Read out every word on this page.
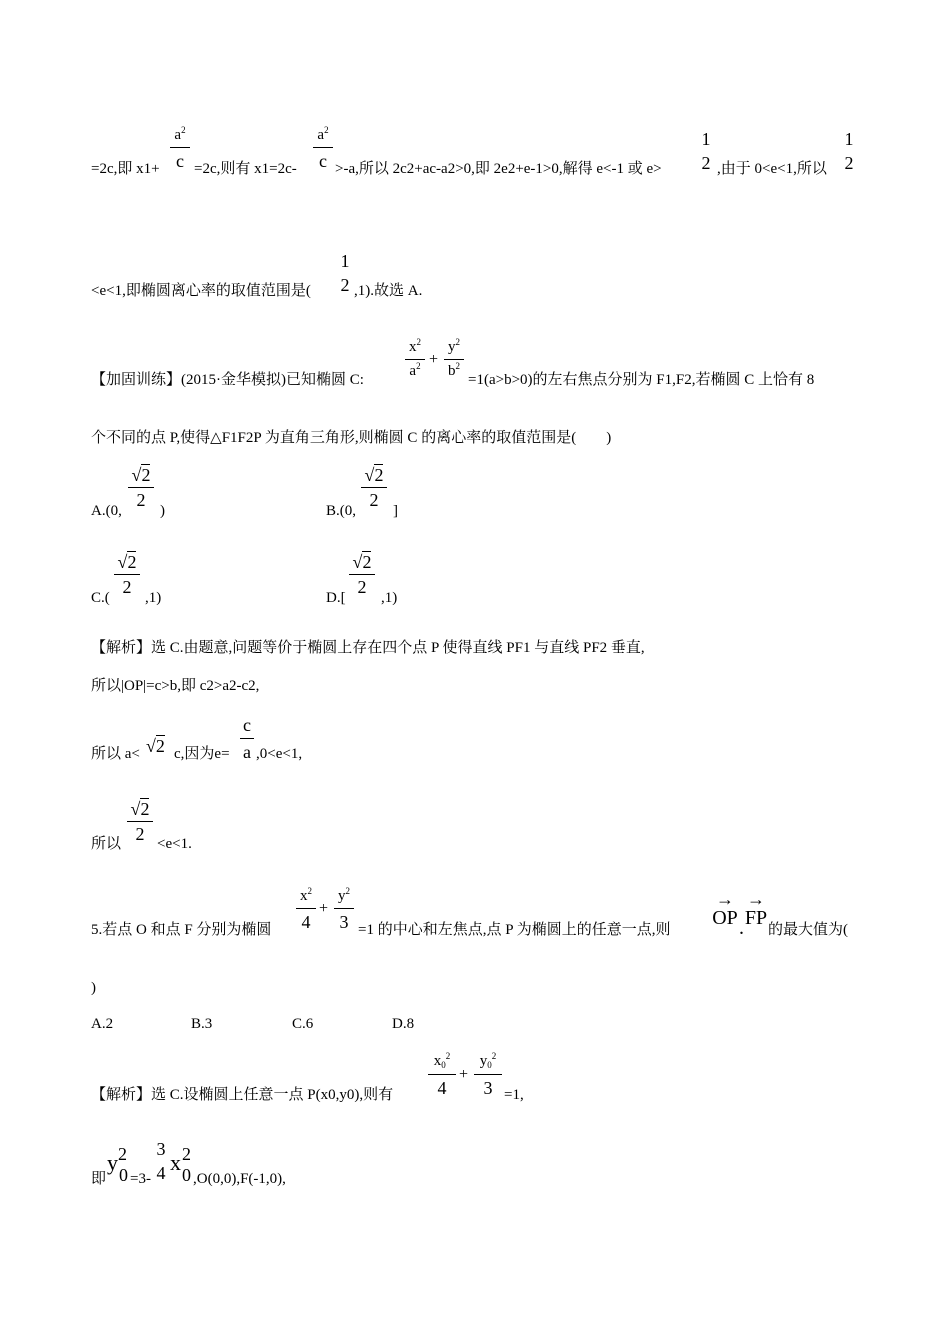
=2c,即 x1+
$a^2$
c =2c,则有 x1=2c-
$a^2$
c >-a,所以 2c2+ac-a2>0,即 2e2+e-1>0,解得 e<-1 或 e>
1
2 ,由于 0<e<1,所以
1
2
<e<1,即椭圆离心率的取值范围是(
1
2 ,1).故选 A.
【加固训练】(2015·金华模拟)已知椭圆 C:
$x^2$
$a^2$ +
$y^2$
$b^2$
=1(a>b>0)的左右焦点分别为 F1,F2,若椭圆 C 上恰有 8
个不同的点 P,使得△F1F2P 为直角三角形,则椭圆 C 的离心率的取值范围是(　　)
A.(0,
√2
2
)	B.(0,
√2
2
]
C.(
√2
2
,1)	D.[
√2
2
,1)
【解析】选 C.由题意,问题等价于椭圆上存在四个点 P 使得直线 PF1 与直线 PF2 垂直,
所以|OP|=c>b,即 c2>a2-c2,
所以 a< √2 c,因为e=
c
a ,0<e<1,
所以
√2
2 <e<1.
5.若点 O 和点 F 分别为椭圆
$x^2$
4
+
$y^2$
3 =1 的中心和左焦点,点 P 为椭圆上的任意一点,则
→
OP .
→
FP
的最大值为(
)
A.2	B.3	C.6	D.8
【解析】选 C.设椭圆上任意一点 P(x0,y0),则有
$x_0^2$
4
+
$y_0^2$
3 =1,
即
y 2
0 =3-
3
4 x 2
0 ,O(0,0),F(-1,0),
